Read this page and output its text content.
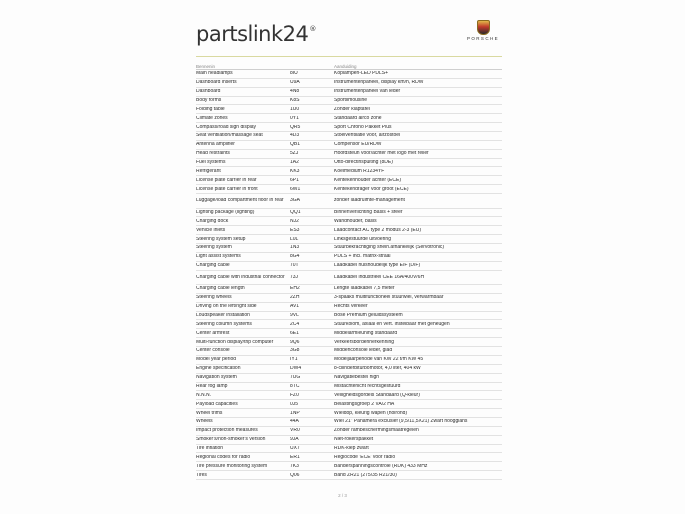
partslink24®
PORSCHE
Bennenin	Aanduiding
Main headlamps	8IU	Koplampen-LED PDLS+
Dashboard inserts	U9A	Instrumentenpaneel, display km/h, RDW
Dashboard	4N8	Instrumentenpaneel van leder
Body forms	K8S	Sportlimousine
Folding table	1U0	Zonder klaptafel
Climate zones	0Y1	Standaard airco zone
Compass/road sign display	QR5	Sport Chrono Pakket Plus
Seat ventilation/massage seat	4D3	Stoelventilatie voor, airzostoel
Antenna amplifier	QB1	Compensor EU/RDW
Head restraints	5ZJ	Hoofdsteun voor/achter met logo met relief
Fuel systems	1A2	Otto-directinspuiting (8DE)
Refrigerant	KK3	Koelmedium R1234YF
License plate carrier in rear	6P1	Kentekenhouder achter (ECE)
License plate carrier in front	6W1	Kentekendrager voor groot (ECE)
Luggage/load compartment floor in rear	3GA	zonder laadruimte-management
Lighting package (lighting)	QQ1	Binnenverlichting Basis + sfeer
Charging dock	NJ2	Wandhouder, basis
Vehicle inlets	ES3	Laadcontact AC type 2 modus 2-3 (EU)
Steering system setup	L0L	Linksgestuurde uitvoering
Steering system	1N3	Stuurbekrachtiging snelh.afhankelijk (Servotronic)
Light assist systems	8G4	PDLS + incl. matrix-straal
Charging cable	70T	Laadkabel huishoudelijk type E/F (D/F)
Charging cable with industrial connector	73J	Laadkabel industrieel CEE 16A/400V/6H
Charging cable length	EH2	Lengte laadkabel 7,5 meter
Steering wheels	2ZH	3-spaaks multifunctioneel stuurwiel, verwarmbaar
Driving on the left/right side	AV1	Rechts verkeer
Loudspeaker installation	9VL	Bose Premium geluidssysteem
Steering column systems	2C4	Stuurkolom, axiaal en vert. instelbaar met geheugen
Center armrest	6E1	Middelarmleuning standaard
Multi-function display/trip computer	9Q6	Verkeersbordenherkenning
Center console	3G8	Middenconsole leder, glad
Model year period	IY1	Modeljaarperiode van KW 22 t/m KW 45
Engine specification	DW4	8-cilinderbiturbomotor, 4,0 liter, 404 kW
Navigation system	7UG	Navigatiebestel high
Rear fog lamp	8TC	Mistachterlicht rechtsgestuurd
N.N.N.	FZ0	Veiligheidsgordels Standaard (Q-kleur)
Payload capacities	0J5	Belastingsgroep 2 VA/2 HA
Wheel trims	1NP	Wieldop, kleurig wapen (holrond)
Wheels	44A	Wiel 21" Panamera exclusief (9,5/11,5X21) Zwart hoogglans
Impact protection measures	VR0	Zonder rambeschermingsmaatregelen
Smoker's/non-smoker's version	9JA	Niet-rokerspakket
Tire inflation	UX7	RDK-klep zwart
Regional codes for radio	ER1	Regiocode 'ECE' voor radio
Tire pressure monitoring system	7K3	Banderspanningscontrole (RDK) 433 MHz
Tires	Q06	Band ZR21 (275/35 R21/30)
2 / 3
